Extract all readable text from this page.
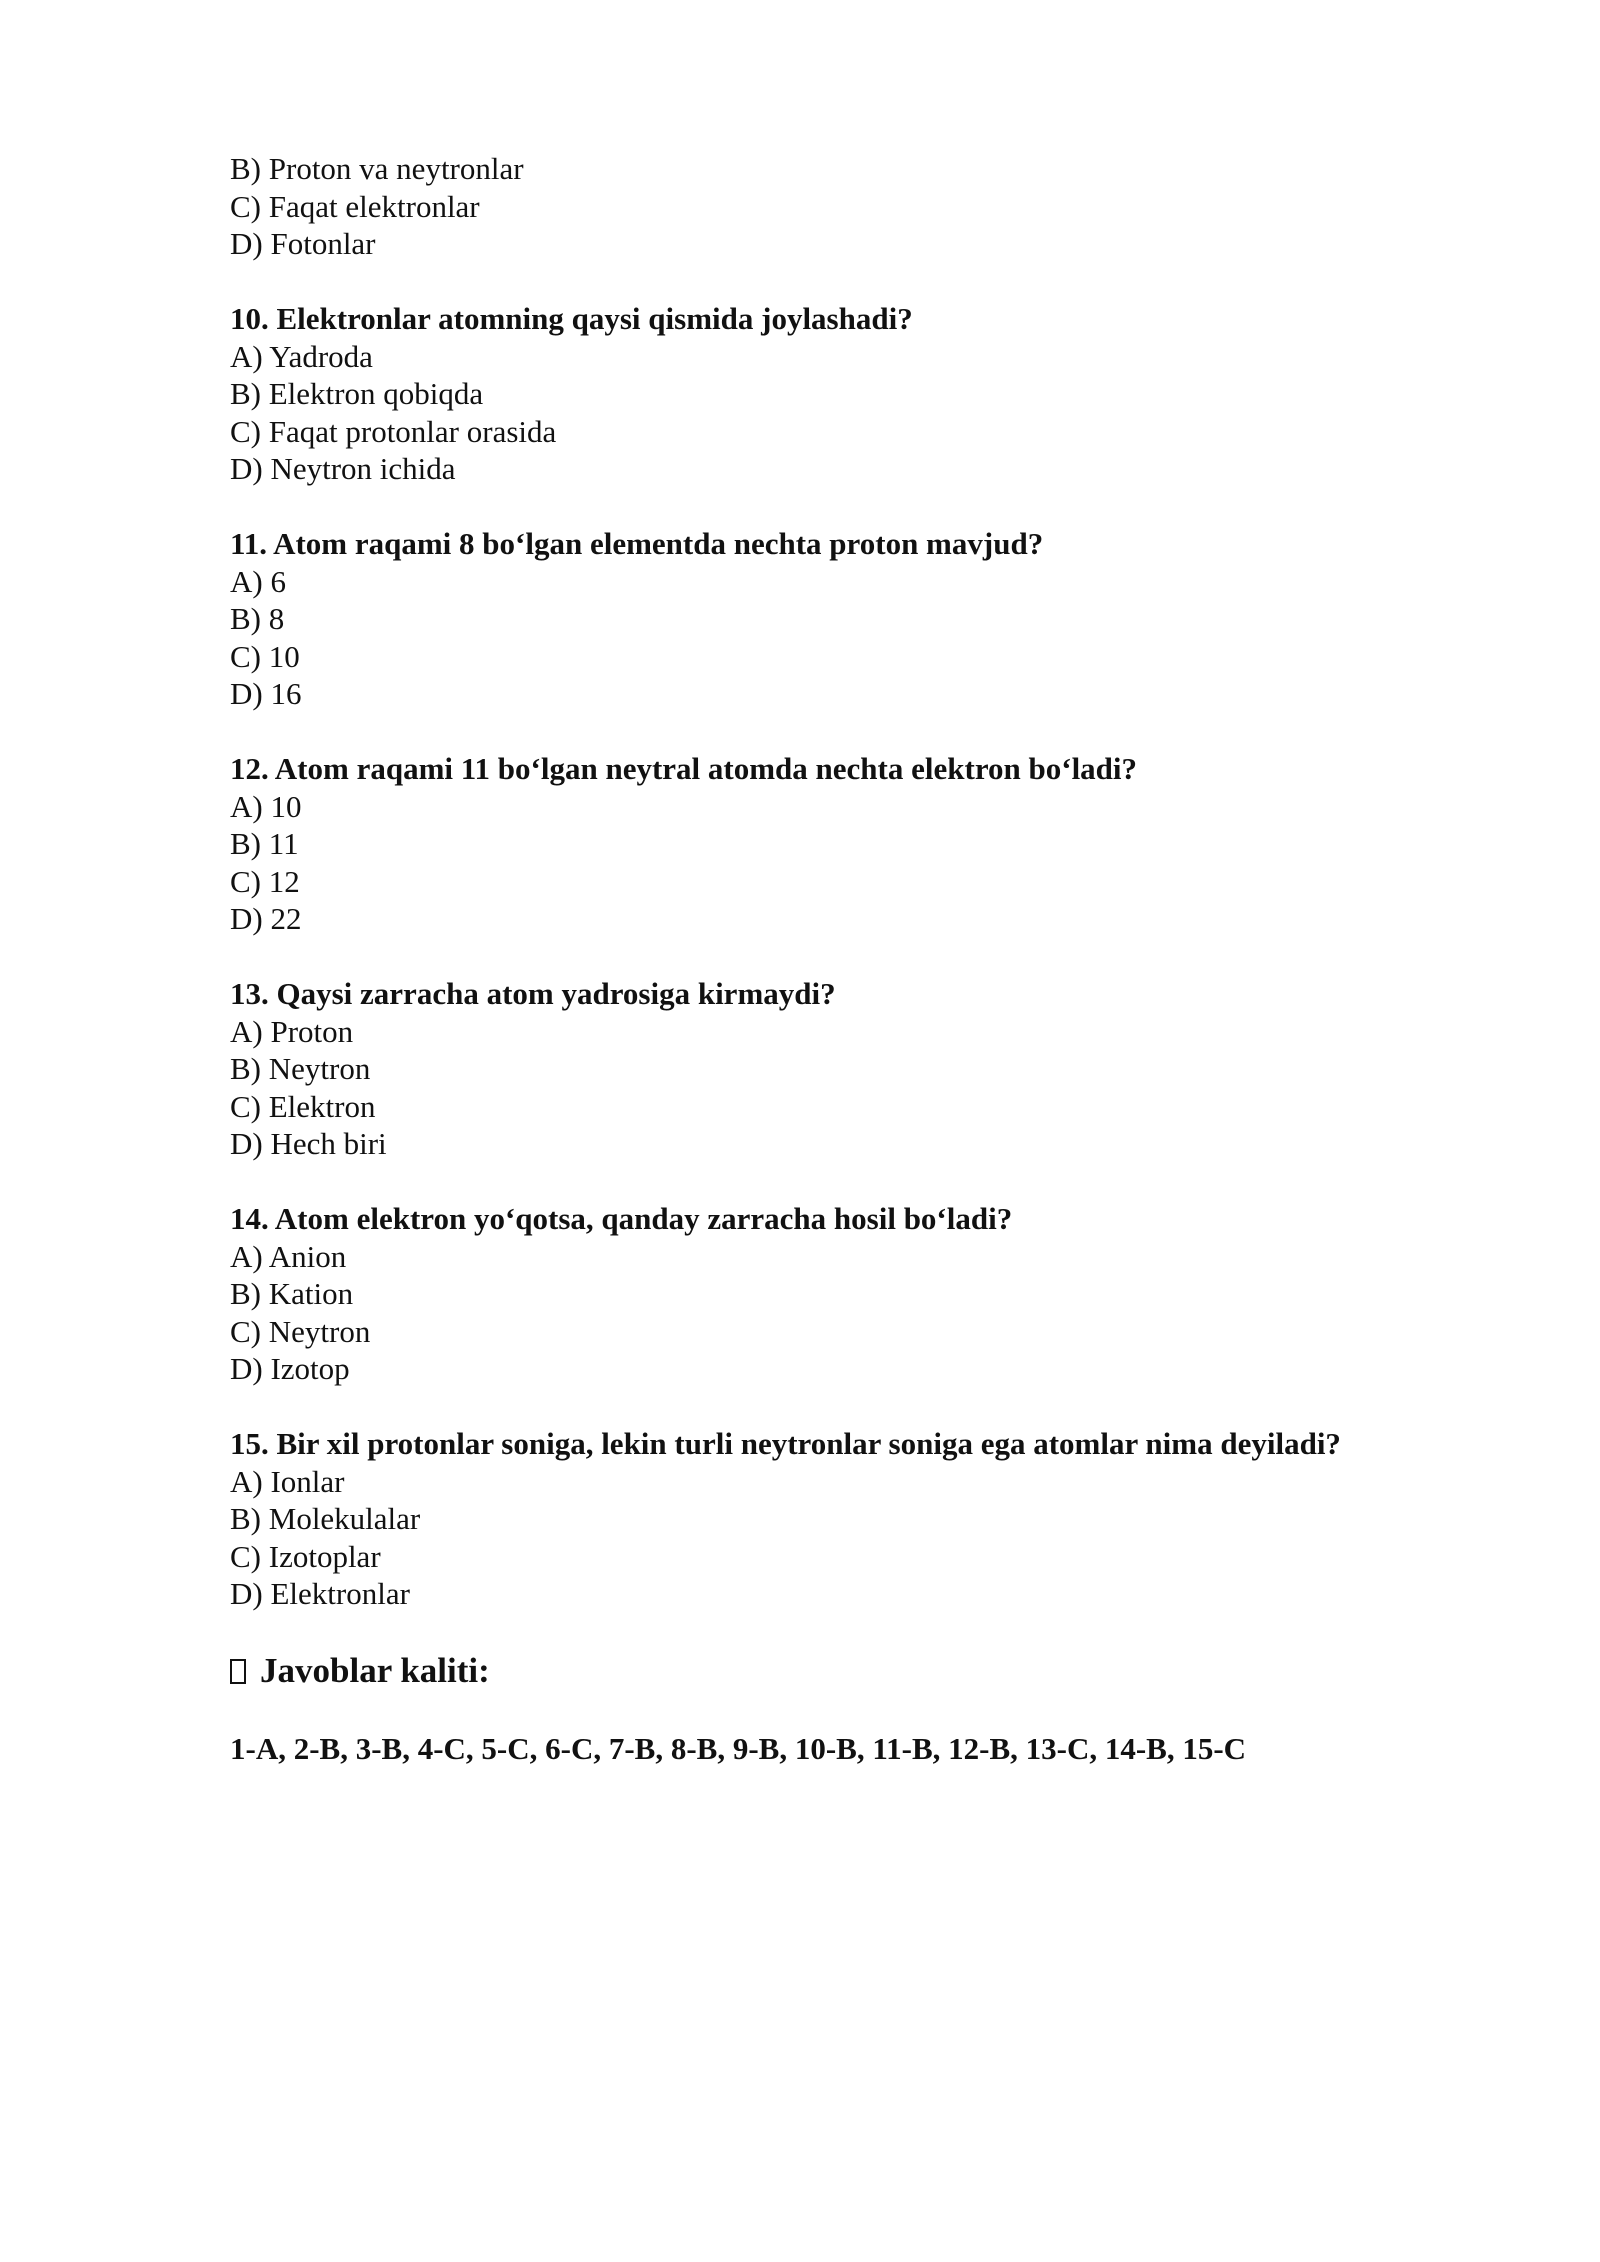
B) Proton va neytronlar
C) Faqat elektronlar
D) Fotonlar
10. Elektronlar atomning qaysi qismida joylashadi?
A) Yadroda
B) Elektron qobiqda
C) Faqat protonlar orasida
D) Neytron ichida
11. Atom raqami 8 bo‘lgan elementda nechta proton mavjud?
A) 6
B) 8
C) 10
D) 16
12. Atom raqami 11 bo‘lgan neytral atomda nechta elektron bo‘ladi?
A) 10
B) 11
C) 12
D) 22
13. Qaysi zarracha atom yadrosiga kirmaydi?
A) Proton
B) Neytron
C) Elektron
D) Hech biri
14. Atom elektron yo‘qotsa, qanday zarracha hosil bo‘ladi?
A) Anion
B) Kation
C) Neytron
D) Izotop
15. Bir xil protonlar soniga, lekin turli neytronlar soniga ega atomlar nima deyiladi?
A) Ionlar
B) Molekulalar
C) Izotoplar
D) Elektronlar
Javoblar kaliti:
1-A, 2-B, 3-B, 4-C, 5-C, 6-C, 7-B, 8-B, 9-B, 10-B, 11-B, 12-B, 13-C, 14-B, 15-C
